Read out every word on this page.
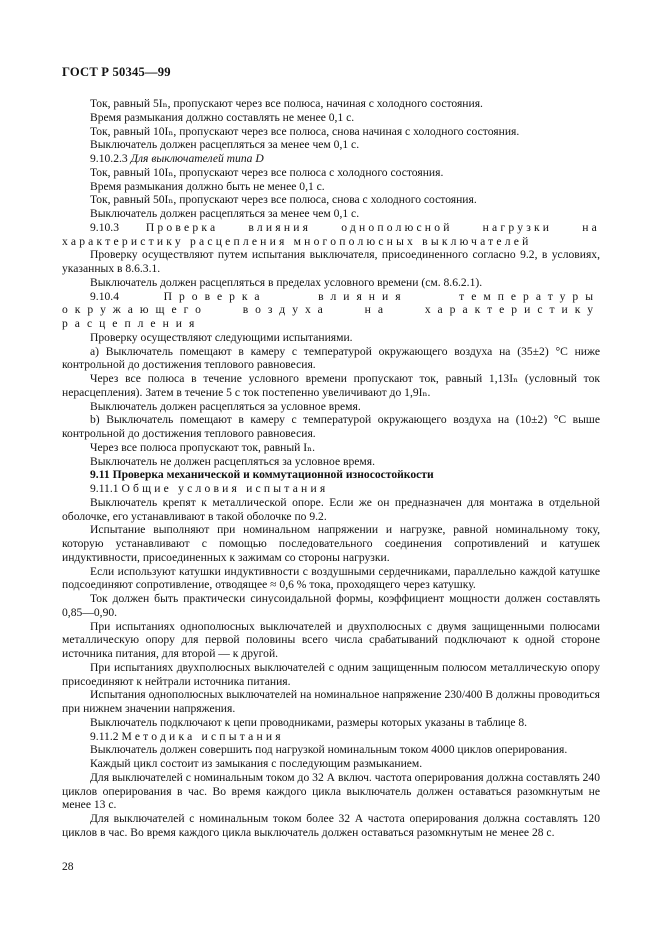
ГОСТ Р 50345—99

Ток, равный 5Iₙ, пропускают через все полюса, начиная с холодного состояния.

Время размыкания должно составлять не менее 0,1 с.

Ток, равный 10Iₙ, пропускают через все полюса, снова начиная с холодного состояния.

Выключатель должен расцепляться за менее чем 0,1 с.

9.10.2.3 Для выключателей типа D

Ток, равный 10Iₙ, пропускают через все полюса с холодного состояния.

Время размыкания должно быть не менее 0,1 с.

Ток, равный 50Iₙ, пропускают через все полюса, снова с холодного состояния.

Выключатель должен расцепляться за менее чем 0,1 с.

9.10.3 Проверка влияния однополюсной нагрузки на характеристику расцепления многополюсных выключателей

Проверку осуществляют путем испытания выключателя, присоединенного согласно 9.2, в условиях, указанных в 8.6.3.1.

Выключатель должен расцепляться в пределах условного времени (см. 8.6.2.1).

9.10.4	Проверка влияния температуры окружающего воздуха на характеристику расцепления

Проверку осуществляют следующими испытаниями.

а) Выключатель помещают в камеру с температурой окружающего воздуха на (35±2) °С ниже контрольной до достижения теплового равновесия.

Через все полюса в течение условного времени пропускают ток, равный 1,13Iₙ (условный ток нерасцепления). Затем в течение 5 с ток постепенно увеличивают до 1,9Iₙ.

Выключатель должен расцепляться за условное время.

b) Выключатель помещают в камеру с температурой окружающего воздуха на (10±2) °С выше контрольной до достижения теплового равновесия.

Через все полюса пропускают ток, равный Iₙ.

Выключатель не должен расцепляться за условное время.

9.11 Проверка механической и коммутационной износостойкости

9.11.1 Общие условия испытания

Выключатель крепят к металлической опоре. Если же он предназначен для монтажа в отдельной оболочке, его устанавливают в такой оболочке по 9.2.

Испытание выполняют при номинальном напряжении и нагрузке, равной номинальному току, которую устанавливают с помощью последовательного соединения сопротивлений и катушек индуктивности, присоединенных к зажимам со стороны нагрузки.

Если используют катушки индуктивности с воздушными сердечниками, параллельно каждой катушке подсоединяют сопротивление, отводящее ≈ 0,6 % тока, проходящего через катушку.

Ток должен быть практически синусоидальной формы, коэффициент мощности должен составлять 0,85—0,90.

При испытаниях однополюсных выключателей и двухполюсных с двумя защищенными полюсами металлическую опору для первой половины всего числа срабатываний подключают к одной стороне источника питания, для второй — к другой.

При испытаниях двухполюсных выключателей с одним защищенным полюсом металлическую опору присоединяют к нейтрали источника питания.

Испытания однополюсных выключателей на номинальное напряжение 230/400 В должны проводиться при нижнем значении напряжения.

Выключатель подключают к цепи проводниками, размеры которых указаны в таблице 8.

9.11.2 Методика испытания

Выключатель должен совершить под нагрузкой номинальным током 4000 циклов оперирования.

Каждый цикл состоит из замыкания с последующим размыканием.

Для выключателей с номинальным током до 32 А включ. частота оперирования должна составлять 240 циклов оперирования в час. Во время каждого цикла выключатель должен оставаться разомкнутым не менее 13 с.

Для выключателей с номинальным током более 32 А частота оперирования должна составлять 120 циклов в час. Во время каждого цикла выключатель должен оставаться разомкнутым не менее 28 с.

28
